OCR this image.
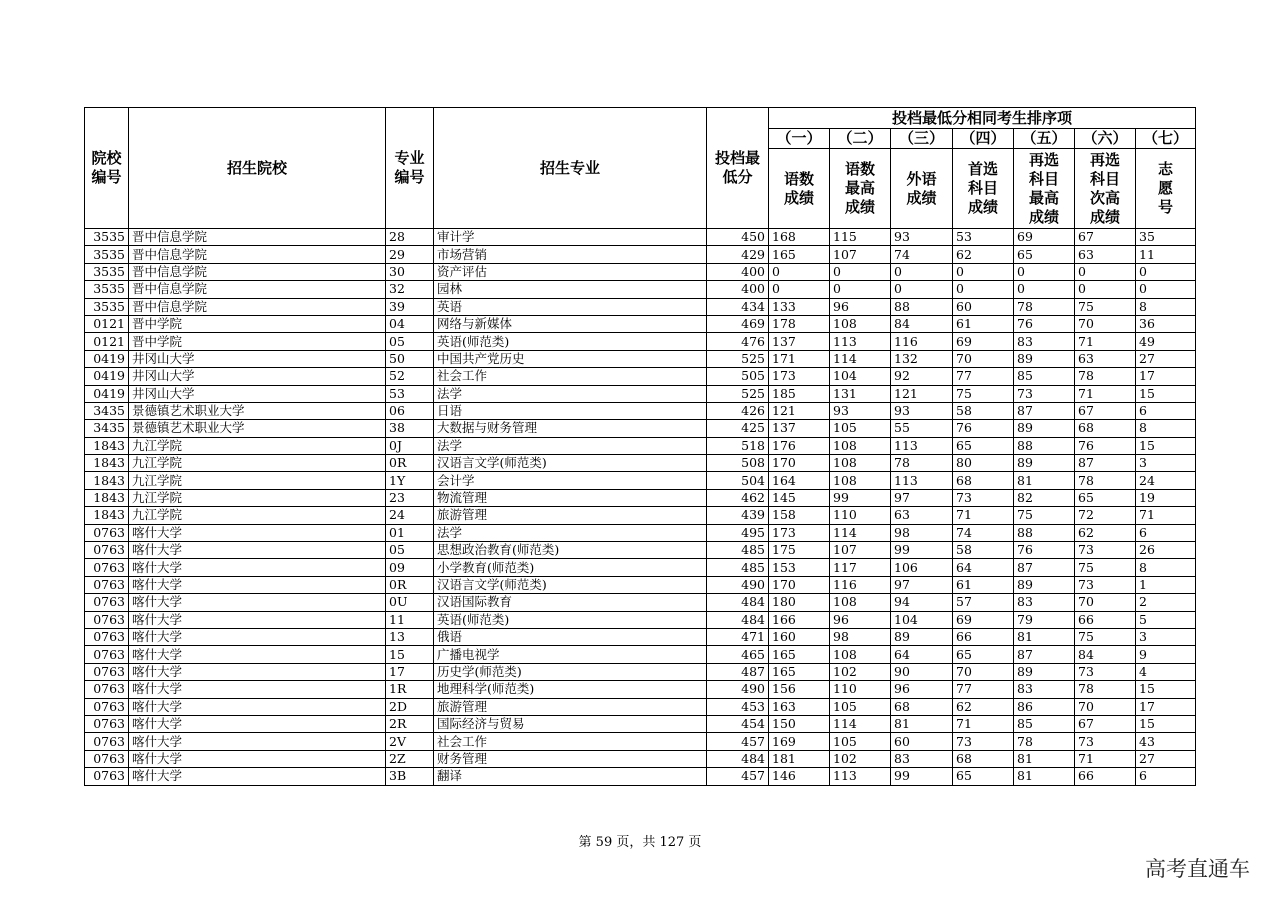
院校编号	招生院校	专业编号	招生专业	投档最低分	投档最低分相同考生排序项						
					（一）	（二）	（三）	（四）	（五）	（六）	（七）
					语数成绩	语数最高成绩	外语成绩	首选科目成绩	再选科目最高成绩	再选科目次高成绩	志愿号
3535	晋中信息学院	28	审计学	450	168	115	93	53	69	67	35
3535	晋中信息学院	29	市场营销	429	165	107	74	62	65	63	11
3535	晋中信息学院	30	资产评估	400	0	0	0	0	0	0	0
3535	晋中信息学院	32	园林	400	0	0	0	0	0	0	0
3535	晋中信息学院	39	英语	434	133	96	88	60	78	75	8
0121	晋中学院	04	网络与新媒体	469	178	108	84	61	76	70	36
0121	晋中学院	05	英语(师范类)	476	137	113	116	69	83	71	49
0419	井冈山大学	50	中国共产党历史	525	171	114	132	70	89	63	27
0419	井冈山大学	52	社会工作	505	173	104	92	77	85	78	17
0419	井冈山大学	53	法学	525	185	131	121	75	73	71	15
3435	景德镇艺术职业大学	06	日语	426	121	93	93	58	87	67	6
3435	景德镇艺术职业大学	38	大数据与财务管理	425	137	105	55	76	89	68	8
1843	九江学院	0J	法学	518	176	108	113	65	88	76	15
1843	九江学院	0R	汉语言文学(师范类)	508	170	108	78	80	89	87	3
1843	九江学院	1Y	会计学	504	164	108	113	68	81	78	24
1843	九江学院	23	物流管理	462	145	99	97	73	82	65	19
1843	九江学院	24	旅游管理	439	158	110	63	71	75	72	71
0763	喀什大学	01	法学	495	173	114	98	74	88	62	6
0763	喀什大学	05	思想政治教育(师范类)	485	175	107	99	58	76	73	26
0763	喀什大学	09	小学教育(师范类)	485	153	117	106	64	87	75	8
0763	喀什大学	0R	汉语言文学(师范类)	490	170	116	97	61	89	73	1
0763	喀什大学	0U	汉语国际教育	484	180	108	94	57	83	70	2
0763	喀什大学	11	英语(师范类)	484	166	96	104	69	79	66	5
0763	喀什大学	13	俄语	471	160	98	89	66	81	75	3
0763	喀什大学	15	广播电视学	465	165	108	64	65	87	84	9
0763	喀什大学	17	历史学(师范类)	487	165	102	90	70	89	73	4
0763	喀什大学	1R	地理科学(师范类)	490	156	110	96	77	83	78	15
0763	喀什大学	2D	旅游管理	453	163	105	68	62	86	70	17
0763	喀什大学	2R	国际经济与贸易	454	150	114	81	71	85	67	15
0763	喀什大学	2V	社会工作	457	169	105	60	73	78	73	43
0763	喀什大学	2Z	财务管理	484	181	102	83	68	81	71	27
0763	喀什大学	3B	翻译	457	146	113	99	65	81	66	6
第 59 页，共 127 页
高考直通车
